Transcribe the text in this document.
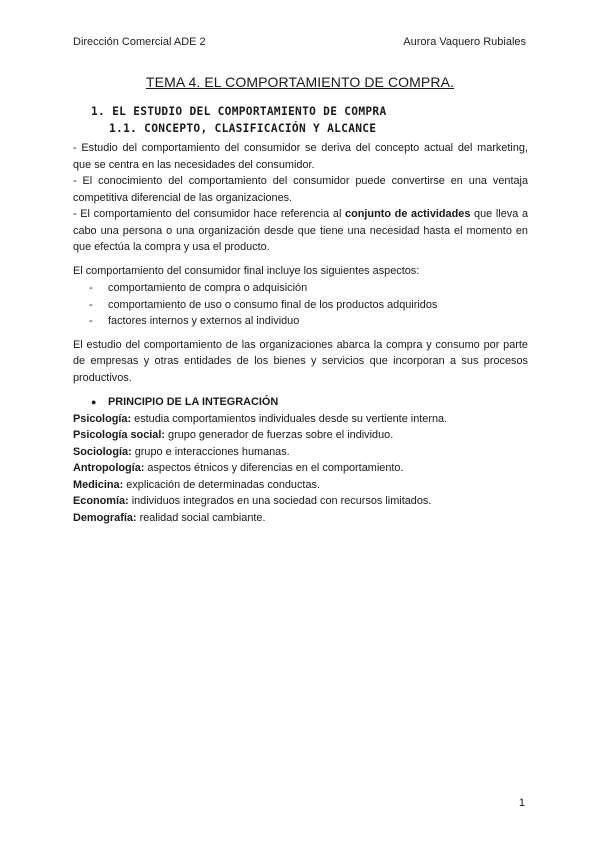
Dirección Comercial ADE 2	Aurora Vaquero Rubiales
TEMA 4. EL COMPORTAMIENTO DE COMPRA.
1. EL ESTUDIO DEL COMPORTAMIENTO DE COMPRA
1.1. CONCEPTO, CLASIFICACIÓN Y ALCANCE

- Estudio del comportamiento del consumidor se deriva del concepto actual del marketing, que se centra en las necesidades del consumidor.

- El conocimiento del comportamiento del consumidor puede convertirse en una ventaja competitiva diferencial de las organizaciones.

- El comportamiento del consumidor hace referencia al conjunto de actividades que lleva a cabo una persona o una organización desde que tiene una necesidad hasta el momento en que efectúa la compra y usa el producto.

El comportamiento del consumidor final incluye los siguientes aspectos:

- comportamiento de compra o adquisición
- comportamiento de uso o consumo final de los productos adquiridos
- factores internos y externos al individuo

El estudio del comportamiento de las organizaciones abarca la compra y consumo por parte de empresas y otras entidades de los bienes y servicios que incorporan a sus procesos productivos.

● PRINCIPIO DE LA INTEGRACIÓN
Psicología: estudia comportamientos individuales desde su vertiente interna.
Psicología social: grupo generador de fuerzas sobre el individuo.
Sociología: grupo e interacciones humanas.
Antropología: aspectos étnicos y diferencias en el comportamiento.
Medicina: explicación de determinadas conductas.
Economía: individuos integrados en una sociedad con recursos limitados.
Demografía: realidad social cambiante.
1
